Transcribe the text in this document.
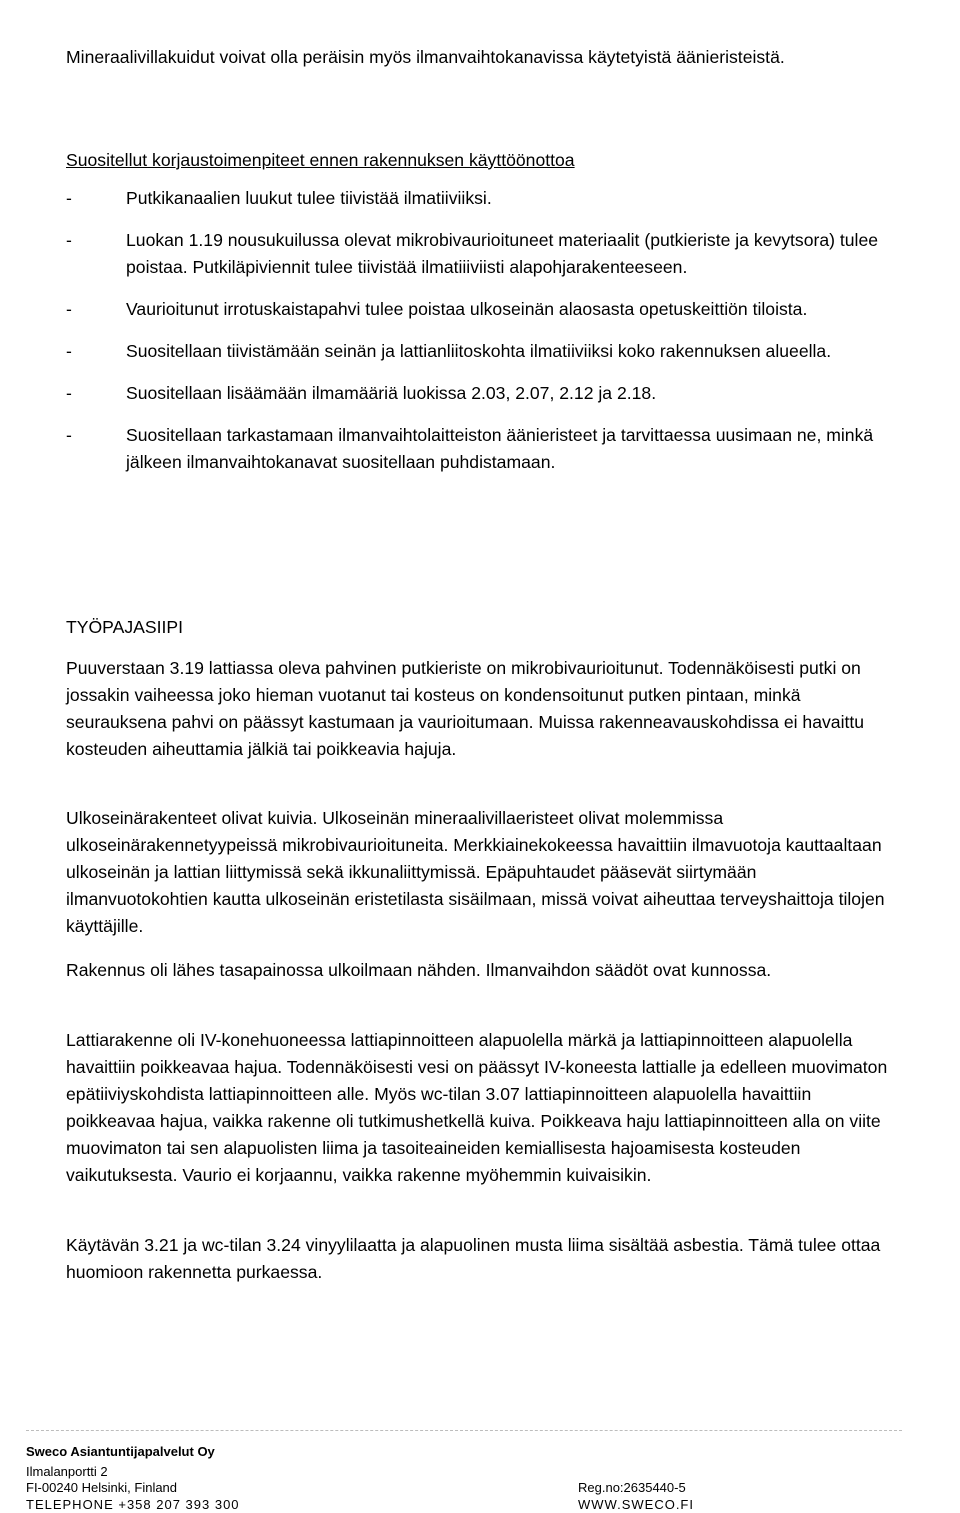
Mineraalivillakuidut voivat olla peräisin myös ilmanvaihtokanavissa käytetyistä äänieristeistä.

Suositellut korjaustoimenpiteet ennen rakennuksen käyttöönottoa

-	Putkikanaalien luukut tulee tiivistää ilmatiiviiksi.
-	Luokan 1.19 nousukuilussa olevat mikrobivaurioituneet materiaalit (putkieriste ja kevytsora) tulee poistaa. Putkiläpiviennit tulee tiivistää ilmatiiiviisti alapohjarakenteeseen.
-	Vaurioitunut irrotuskaistapahvi tulee poistaa ulkoseinän alaosasta opetuskeittiön tiloista.
-	Suositellaan tiivistämään seinän ja lattianliitoskohta ilmatiiviiksi koko rakennuksen alueella.
-	Suositellaan lisäämään ilmamääriä luokissa 2.03, 2.07, 2.12 ja 2.18.
-	Suositellaan tarkastamaan ilmanvaihtolaitteiston äänieristeet ja tarvittaessa uusimaan ne, minkä jälkeen ilmanvaihtokanavat suositellaan puhdistamaan.

TYÖPAJASIIPI

Puuverstaan 3.19 lattiassa oleva pahvinen putkieriste on mikrobivaurioitunut. Todennäköisesti putki on jossakin vaiheessa joko hieman vuotanut tai kosteus on kondensoitunut putken pintaan, minkä seurauksena pahvi on päässyt kastumaan ja vaurioitumaan. Muissa rakenneavauskohdissa ei havaittu kosteuden aiheuttamia jälkiä tai poikkeavia hajuja.

Ulkoseinärakenteet olivat kuivia. Ulkoseinän mineraalivillaeristeet olivat molemmissa ulkoseinärakennetyypeissä mikrobivaurioituneita. Merkkiainekokeessa havaittiin ilmavuotoja kauttaaltaan ulkoseinän ja lattian liittymissä sekä ikkunaliittymissä. Epäpuhtaudet pääsevät siirtymään ilmanvuotokohtien kautta ulkoseinän eristetilasta sisäilmaan, missä voivat aiheuttaa terveyshaittoja tilojen käyttäjille.

Rakennus oli lähes tasapainossa ulkoilmaan nähden. Ilmanvaihdon säädöt ovat kunnossa.

Lattiarakenne oli IV-konehuoneessa lattiapinnoitteen alapuolella märkä ja lattiapinnoitteen alapuolella havaittiin poikkeavaa hajua. Todennäköisesti vesi on päässyt IV-koneesta lattialle ja edelleen muovimaton epätiiviyskohdista lattiapinnoitteen alle. Myös wc-tilan 3.07 lattiapinnoitteen alapuolella havaittiin poikkeavaa hajua, vaikka rakenne oli tutkimushetkellä kuiva. Poikkeava haju lattiapinnoitteen alla on viite muovimaton tai sen alapuolisten liima ja tasoiteaineiden kemiallisesta hajoamisesta kosteuden vaikutuksesta. Vaurio ei korjaannu, vaikka rakenne myöhemmin kuivaisikin.

Käytävän 3.21 ja wc-tilan 3.24 vinyylilaatta ja alapuolinen musta liima sisältää asbestia. Tämä tulee ottaa huomioon rakennetta purkaessa.

Sweco Asiantuntijapalvelut Oy
Ilmalanportti 2
FI-00240 Helsinki, Finland
TELEPHONE +358 207 393 300
Reg.no:2635440-5
WWW.SWECO.FI
